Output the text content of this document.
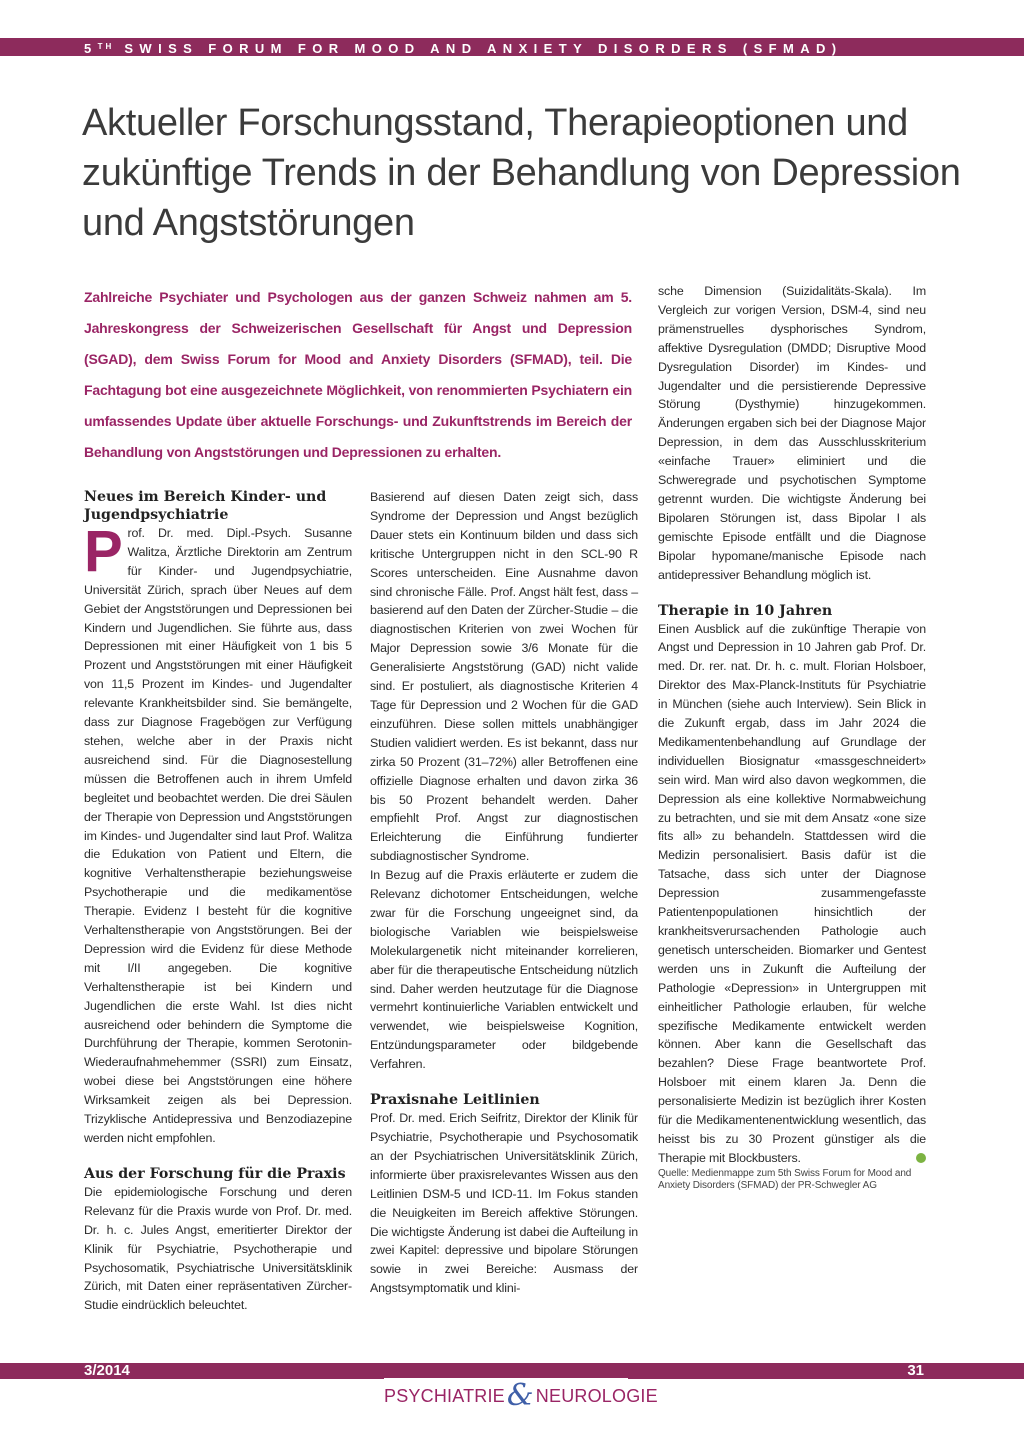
5TH SWISS FORUM FOR MOOD AND ANXIETY DISORDERS (SFMAD)
Aktueller Forschungsstand, Therapieoptionen und zukünftige Trends in der Behandlung von Depression und Angststörungen

Zahlreiche Psychiater und Psychologen aus der ganzen Schweiz nahmen am 5. Jahreskongress der Schweizerischen Gesellschaft für Angst und Depression (SGAD), dem Swiss Forum for Mood and Anxiety Disorders (SFMAD), teil. Die Fachtagung bot eine ausgezeichnete Möglichkeit, von renommierten Psychiatern ein umfassendes Update über aktuelle Forschungs- und Zukunftstrends im Bereich der Behandlung von Angststörungen und Depressionen zu erhalten.

Neues im Bereich Kinder- und Jugendpsychiatrie

Prof. Dr. med. Dipl.-Psych. Susanne Walitza, Ärztliche Direktorin am Zentrum für Kinder- und Jugendpsychiatrie, Universität Zürich, sprach über Neues auf dem Gebiet der Angststörungen und Depressionen bei Kindern und Jugendlichen. Sie führte aus, dass Depressionen mit einer Häufigkeit von 1 bis 5 Prozent und Angststörungen mit einer Häufigkeit von 11,5 Prozent im Kindes- und Jugendalter relevante Krankheitsbilder sind. Sie bemängelte, dass zur Diagnose Fragebögen zur Verfügung stehen, welche aber in der Praxis nicht ausreichend sind. Für die Diagnosestellung müssen die Betroffenen auch in ihrem Umfeld begleitet und beobachtet werden. Die drei Säulen der Therapie von Depression und Angststörungen im Kindes- und Jugendalter sind laut Prof. Walitza die Edukation von Patient und Eltern, die kognitive Verhaltenstherapie beziehungsweise Psychotherapie und die medikamentöse Therapie. Evidenz I besteht für die kognitive Verhaltenstherapie von Angststörungen. Bei der Depression wird die Evidenz für diese Methode mit I/II angegeben. Die kognitive Verhaltenstherapie ist bei Kindern und Jugendlichen die erste Wahl. Ist dies nicht ausreichend oder behindern die Symptome die Durchführung der Therapie, kommen Serotonin-Wiederaufnahmehemmer (SSRI) zum Einsatz, wobei diese bei Angststörungen eine höhere Wirksamkeit zeigen als bei Depression. Trizyklische Antidepressiva und Benzodiazepine werden nicht empfohlen.

Aus der Forschung für die Praxis

Die epidemiologische Forschung und deren Relevanz für die Praxis wurde von Prof. Dr. med. Dr. h. c. Jules Angst, emeritierter Direktor der Klinik für Psychiatrie, Psychotherapie und Psychosomatik, Psychiatrische Universitätsklinik Zürich, mit Daten einer repräsentativen Zürcher-Studie eindrücklich beleuchtet.

Basierend auf diesen Daten zeigt sich, dass Syndrome der Depression und Angst bezüglich Dauer stets ein Kontinuum bilden und dass sich kritische Untergruppen nicht in den SCL-90 R Scores unterscheiden. Eine Ausnahme davon sind chronische Fälle. Prof. Angst hält fest, dass – basierend auf den Daten der Zürcher-Studie – die diagnostischen Kriterien von zwei Wochen für Major Depression sowie 3/6 Monate für die Generalisierte Angststörung (GAD) nicht valide sind. Er postuliert, als diagnostische Kriterien 4 Tage für Depression und 2 Wochen für die GAD einzuführen. Diese sollen mittels unabhängiger Studien validiert werden. Es ist bekannt, dass nur zirka 50 Prozent (31–72%) aller Betroffenen eine offizielle Diagnose erhalten und davon zirka 36 bis 50 Prozent behandelt werden. Daher empfiehlt Prof. Angst zur diagnostischen Erleichterung die Einführung fundierter subdiagnostischer Syndrome.

In Bezug auf die Praxis erläuterte er zudem die Relevanz dichotomer Entscheidungen, welche zwar für die Forschung ungeeignet sind, da biologische Variablen wie beispielsweise Molekulargenetik nicht miteinander korrelieren, aber für die therapeutische Entscheidung nützlich sind. Daher werden heutzutage für die Diagnose vermehrt kontinuierliche Variablen entwickelt und verwendet, wie beispielsweise Kognition, Entzündungsparameter oder bildgebende Verfahren.

Praxisnahe Leitlinien

Prof. Dr. med. Erich Seifritz, Direktor der Klinik für Psychiatrie, Psychotherapie und Psychosomatik an der Psychiatrischen Universitätsklinik Zürich, informierte über praxisrelevantes Wissen aus den Leitlinien DSM-5 und ICD-11. Im Fokus standen die Neuigkeiten im Bereich affektive Störungen. Die wichtigste Änderung ist dabei die Aufteilung in zwei Kapitel: depressive und bipolare Störungen sowie in zwei Bereiche: Ausmass der Angstsymptomatik und klini-

sche Dimension (Suizidalitäts-Skala). Im Vergleich zur vorigen Version, DSM-4, sind neu prämenstruelles dysphorisches Syndrom, affektive Dysregulation (DMDD; Disruptive Mood Dysregulation Disorder) im Kindes- und Jugendalter und die persistierende Depressive Störung (Dysthymie) hinzugekommen. Änderungen ergaben sich bei der Diagnose Major Depression, in dem das Ausschlusskriterium «einfache Trauer» eliminiert und die Schweregrade und psychotischen Symptome getrennt wurden. Die wichtigste Änderung bei Bipolaren Störungen ist, dass Bipolar I als gemischte Episode entfällt und die Diagnose Bipolar hypomane/manische Episode nach antidepressiver Behandlung möglich ist.

Therapie in 10 Jahren

Einen Ausblick auf die zukünftige Therapie von Angst und Depression in 10 Jahren gab Prof. Dr. med. Dr. rer. nat. Dr. h. c. mult. Florian Holsboer, Direktor des Max-Planck-Instituts für Psychiatrie in München (siehe auch Interview). Sein Blick in die Zukunft ergab, dass im Jahr 2024 die Medikamentenbehandlung auf Grundlage der individuellen Biosignatur «massgeschneidert» sein wird. Man wird also davon wegkommen, die Depression als eine kollektive Normabweichung zu betrachten, und sie mit dem Ansatz «one size fits all» zu behandeln. Stattdessen wird die Medizin personalisiert. Basis dafür ist die Tatsache, dass sich unter der Diagnose Depression zusammengefasste Patientenpopulationen hinsichtlich der krankheitsverursachenden Pathologie auch genetisch unterscheiden. Biomarker und Gentest werden uns in Zukunft die Aufteilung der Pathologie «Depression» in Untergruppen mit einheitlicher Pathologie erlauben, für welche spezifische Medikamente entwickelt werden können. Aber kann die Gesellschaft das bezahlen? Diese Frage beantwortete Prof. Holsboer mit einem klaren Ja. Denn die personalisierte Medizin ist bezüglich ihrer Kosten für die Medikamentenentwicklung wesentlich, das heisst bis zu 30 Prozent günstiger als die Therapie mit Blockbusters.

Quelle: Medienmappe zum 5th Swiss Forum for Mood and Anxiety Disorders (SFMAD) der PR-Schwegler AG

3/2014	31
PSYCHIATRIE& NEUROLOGIE
